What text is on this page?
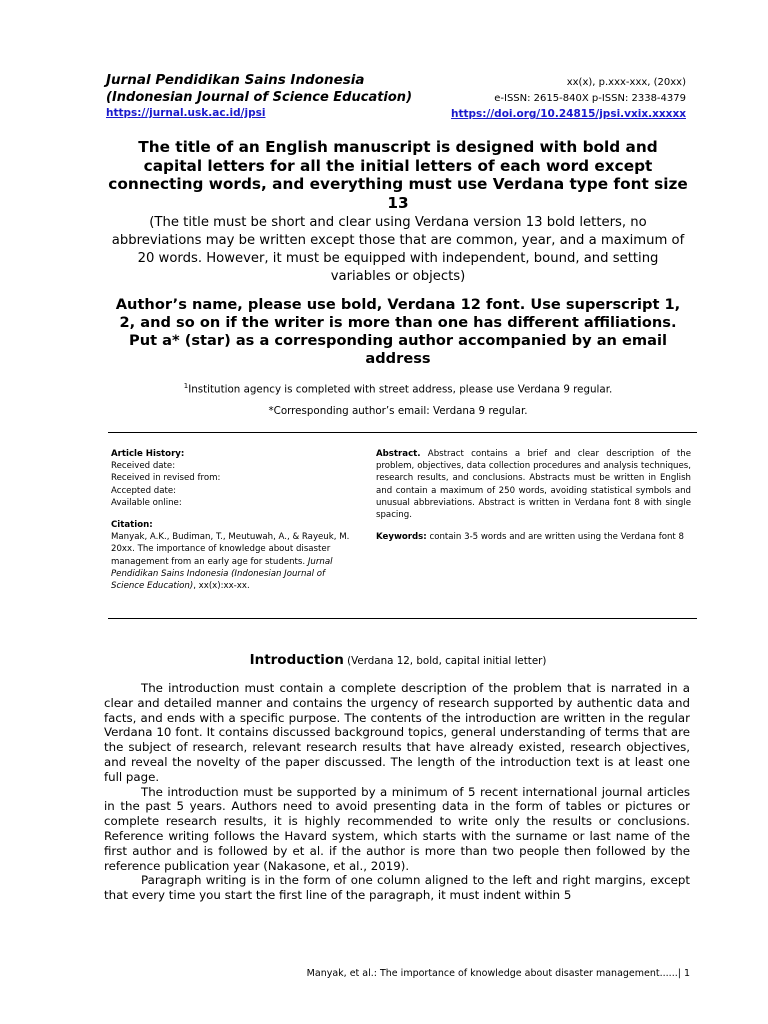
Jurnal Pendidikan Sains Indonesia
(Indonesian Journal of Science Education)
https://jurnal.usk.ac.id/jpsi
xx(x), p.xxx-xxx, (20xx)
e-ISSN: 2615-840X p-ISSN: 2338-4379
https://doi.org/10.24815/jpsi.vxix.xxxxx
The title of an English manuscript is designed with bold and capital letters for all the initial letters of each word except connecting words, and everything must use Verdana type font size 13
(The title must be short and clear using Verdana version 13 bold letters, no abbreviations may be written except those that are common, year, and a maximum of 20 words. However, it must be equipped with independent, bound, and setting variables or objects)
Author’s name, please use bold, Verdana 12 font. Use superscript 1, 2, and so on if the writer is more than one has different affiliations. Put a* (star) as a corresponding author accompanied by an email address
$^1$Institution agency is completed with street address, please use Verdana 9 regular.
*Corresponding author’s email: Verdana 9 regular.
Article History:
Received date:
Received in revised from:
Accepted date:
Available online:
Citation:
Manyak, A.K., Budiman, T., Meutuwah, A., & Rayeuk, M. 20xx. The importance of knowledge about disaster management from an early age for students. Jurnal Pendidikan Sains Indonesia (Indonesian Journal of Science Education), xx(x):xx-xx.
Abstract. Abstract contains a brief and clear description of the problem, objectives, data collection procedures and analysis techniques, research results, and conclusions. Abstracts must be written in English and contain a maximum of 250 words, avoiding statistical symbols and unusual abbreviations. Abstract is written in Verdana font 8 with single spacing.
Keywords: contain 3-5 words and are written using the Verdana font 8
Introduction (Verdana 12, bold, capital initial letter)

The introduction must contain a complete description of the problem that is narrated in a clear and detailed manner and contains the urgency of research supported by authentic data and facts, and ends with a specific purpose. The contents of the introduction are written in the regular Verdana 10 font. It contains discussed background topics, general understanding of terms that are the subject of research, relevant research results that have already existed, research objectives, and reveal the novelty of the paper discussed. The length of the introduction text is at least one full page.

The introduction must be supported by a minimum of 5 recent international journal articles in the past 5 years. Authors need to avoid presenting data in the form of tables or pictures or complete research results, it is highly recommended to write only the results or conclusions. Reference writing follows the Havard system, which starts with the surname or last name of the first author and is followed by et al. if the author is more than two people then followed by the reference publication year (Nakasone, et al., 2019).

Paragraph writing is in the form of one column aligned to the left and right margins, except that every time you start the first line of the paragraph, it must indent within 5

Manyak, et al.: The importance of knowledge about disaster management......| 1
